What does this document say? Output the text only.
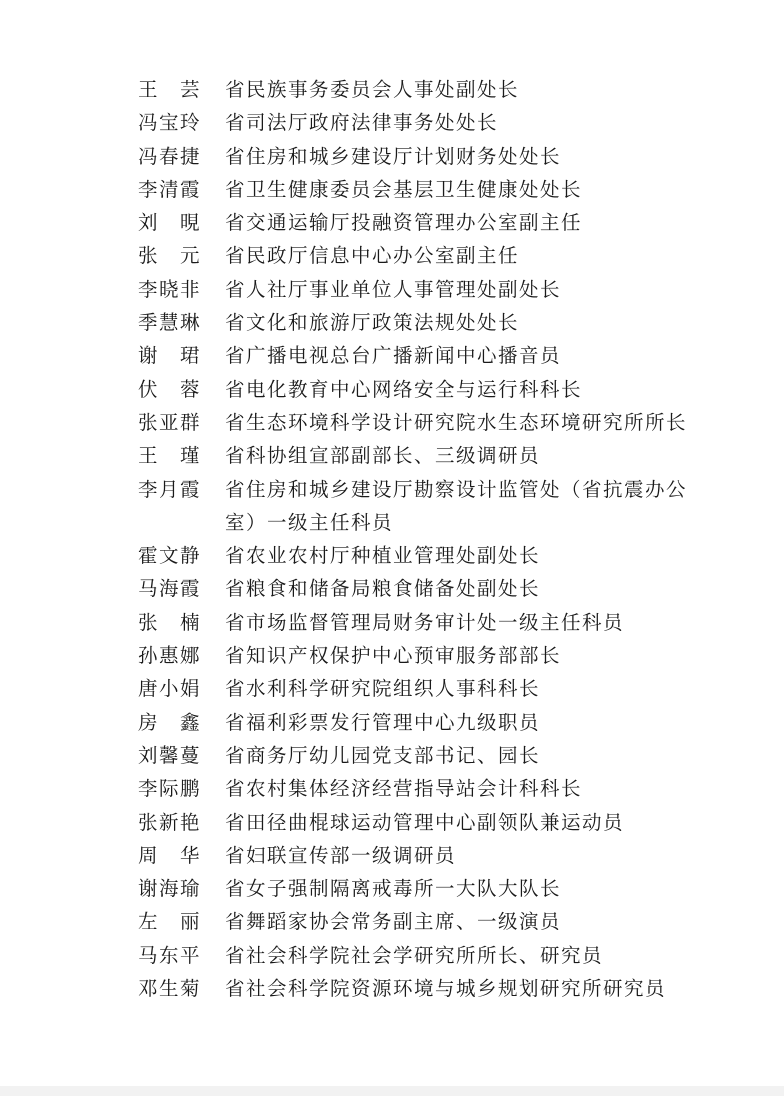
王　芸	省民族事务委员会人事处副处长
冯宝玲	省司法厅政府法律事务处处长
冯春捷	省住房和城乡建设厅计划财务处处长
李清霞	省卫生健康委员会基层卫生健康处处长
刘　晛	省交通运输厅投融资管理办公室副主任
张　元	省民政厅信息中心办公室副主任
李晓非	省人社厅事业单位人事管理处副处长
季慧琳	省文化和旅游厅政策法规处处长
谢　珺	省广播电视总台广播新闻中心播音员
伏　蓉	省电化教育中心网络安全与运行科科长
张亚群	省生态环境科学设计研究院水生态环境研究所所长
王　瑾	省科协组宣部副部长、三级调研员
李月霞	省住房和城乡建设厅勘察设计监管处（省抗震办公室）一级主任科员
霍文静	省农业农村厅种植业管理处副处长
马海霞	省粮食和储备局粮食储备处副处长
张　楠	省市场监督管理局财务审计处一级主任科员
孙惠娜	省知识产权保护中心预审服务部部长
唐小娟	省水利科学研究院组织人事科科长
房　鑫	省福利彩票发行管理中心九级职员
刘馨蔓	省商务厅幼儿园党支部书记、园长
李际鹏	省农村集体经济经营指导站会计科科长
张新艳	省田径曲棍球运动管理中心副领队兼运动员
周　华	省妇联宣传部一级调研员
谢海瑜	省女子强制隔离戒毒所一大队大队长
左　丽	省舞蹈家协会常务副主席、一级演员
马东平	省社会科学院社会学研究所所长、研究员
邓生菊	省社会科学院资源环境与城乡规划研究所研究员
